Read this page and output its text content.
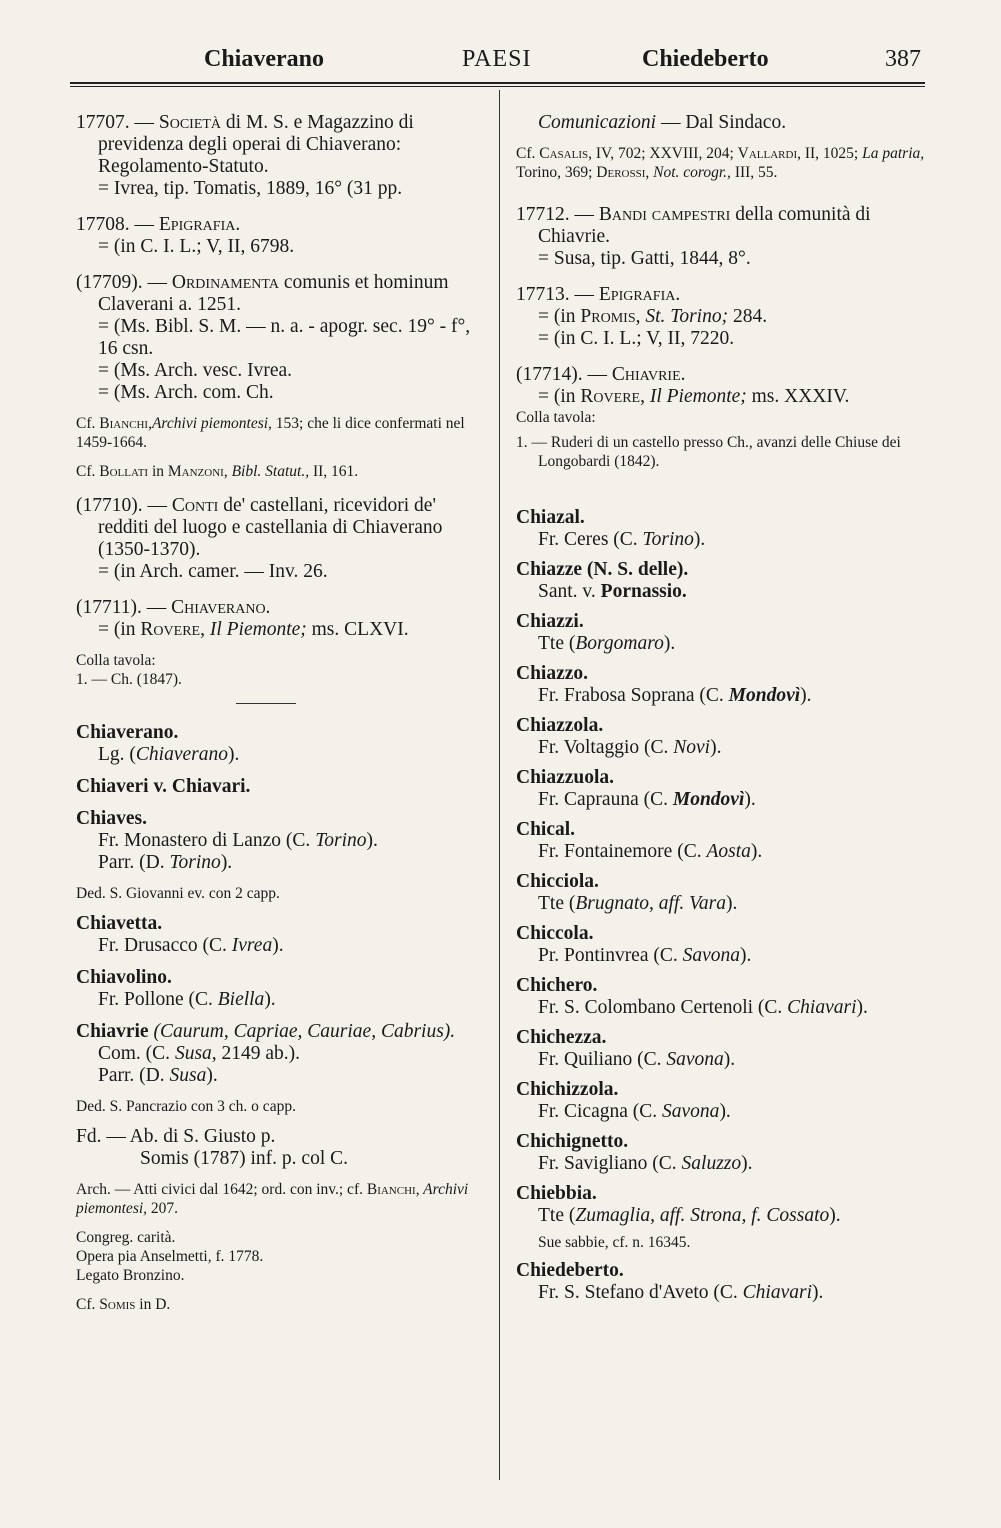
Chiaverano	PAESI	Chiedeberto	387

17707. — Società di M. S. e Magazzino di previdenza degli operai di Chiaverano: Regolamento-Statuto.

= Ivrea, tip. Tomatis, 1889, 16° (31 pp.

17708. — Epigrafia.

= (in C. I. L.; V, II, 6798.

(17709). — Ordinamenta comunis et hominum Claverani a. 1251.

= (Ms. Bibl. S. M. — n. a. - apogr. sec. 19° - f°, 16 csn.

= (Ms. Arch. vesc. Ivrea.

= (Ms. Arch. com. Ch.

Cf. Bianchi,Archivi piemontesi, 153; che li dice confermati nel 1459-1664.

Cf. Bollati in Manzoni, Bibl. Statut., II, 161.

(17710). — Conti de' castellani, ricevidori de' redditi del luogo e castellania di Chiaverano (1350-1370).

= (in Arch. camer. — Inv. 26.

(17711). — Chiaverano.

= (in Rovere, Il Piemonte; ms. CLXVI.

Colla tavola:

1. — Ch. (1847).

Chiaverano.

Lg. (Chiaverano).

Chiaveri v. Chiavari.

Chiaves.

Fr. Monastero di Lanzo (C. Torino).

Parr. (D. Torino).

Ded. S. Giovanni ev. con 2 capp.

Chiavetta.

Fr. Drusacco (C. Ivrea).

Chiavolino.

Fr. Pollone (C. Biella).

Chiavrie (Caurum, Capriae, Cauriae, Cabrius).

Com. (C. Susa, 2149 ab.).

Parr. (D. Susa).

Ded. S. Pancrazio con 3 ch. o capp.

Fd. — Ab. di S. Giusto p.

Somis (1787) inf. p. col C.

Arch. — Atti civici dal 1642; ord. con inv.; cf. Bianchi, Archivi piemontesi, 207.

Congreg. carità.

Opera pia Anselmetti, f. 1778.

Legato Bronzino.

Cf. Somis in D.

Comunicazioni — Dal Sindaco.

Cf. Casalis, IV, 702; XXVIII, 204; Vallardi, II, 1025; La patria, Torino, 369; Derossi, Not. corogr., III, 55.

17712. — Bandi campestri della comunità di Chiavrie.

= Susa, tip. Gatti, 1844, 8°.

17713. — Epigrafia.

= (in Promis, St. Torino; 284.

= (in C. I. L.; V, II, 7220.

(17714). — Chiavrie.

= (in Rovere, Il Piemonte; ms. XXXIV.

Colla tavola:

1. — Ruderi di un castello presso Ch., avanzi delle Chiuse dei Longobardi (1842).

Chiazal.

Fr. Ceres (C. Torino).

Chiazze (N. S. delle).

Sant. v. Pornassio.

Chiazzi.

Tte (Borgomaro).

Chiazzo.

Fr. Frabosa Soprana (C. Mondovì).

Chiazzola.

Fr. Voltaggio (C. Novi).

Chiazzuola.

Fr. Caprauna (C. Mondovì).

Chical.

Fr. Fontainemore (C. Aosta).

Chicciola.

Tte (Brugnato, aff. Vara).

Chiccola.

Pr. Pontinvrea (C. Savona).

Chichero.

Fr. S. Colombano Certenoli (C. Chiavari).

Chichezza.

Fr. Quiliano (C. Savona).

Chichizzola.

Fr. Cicagna (C. Savona).

Chichignetto.

Fr. Savigliano (C. Saluzzo).

Chiebbia.

Tte (Zumaglia, aff. Strona, f. Cossato).

Sue sabbie, cf. n. 16345.

Chiedeberto.

Fr. S. Stefano d'Aveto (C. Chiavari).
